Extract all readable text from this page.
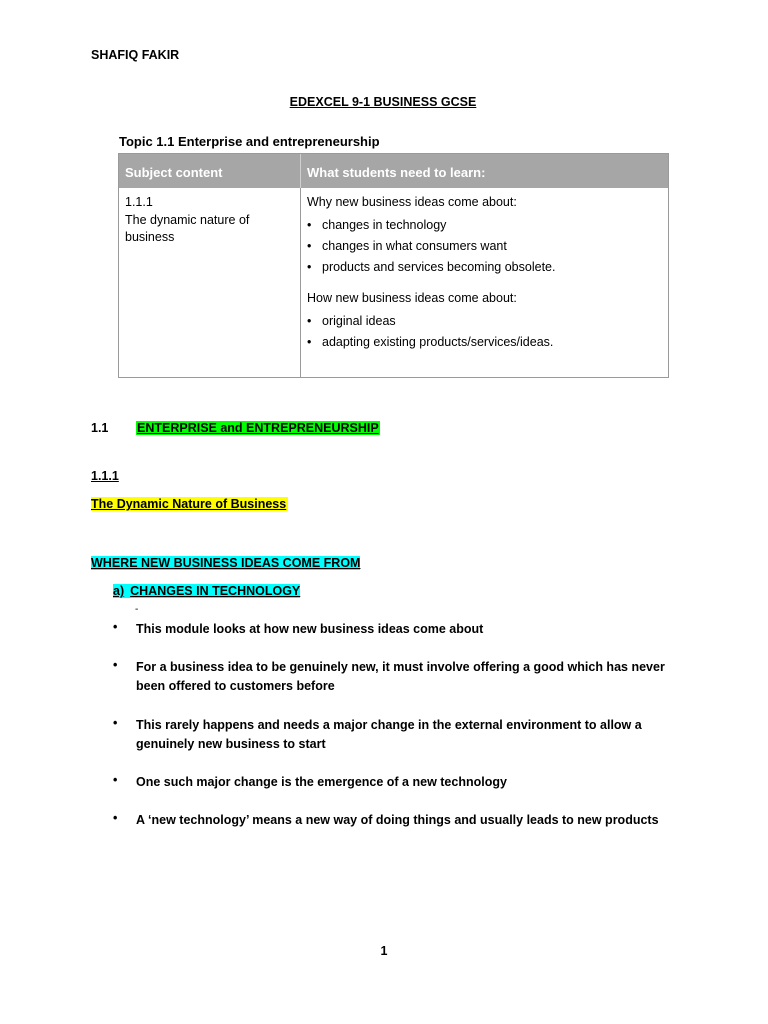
SHAFIQ FAKIR
EDEXCEL 9-1 BUSINESS GCSE
Topic 1.1 Enterprise and entrepreneurship
Subject content	What students need to learn:
1.1.1
The dynamic nature of
business
Why new business ideas come about:
• changes in technology
• changes in what consumers want
• products and services becoming obsolete.
How new business ideas come about:
• original ideas
• adapting existing products/services/ideas.
1.1 ENTERPRISE and ENTREPRENEURSHIP
1.1.1
The Dynamic Nature of Business
WHERE NEW BUSINESS IDEAS COME FROM
a) CHANGES IN TECHNOLOGY
-
• This module looks at how new business ideas come about
• For a business idea to be genuinely new, it must involve offering a good which has never been offered to customers before
• This rarely happens and needs a major change in the external environment to allow a genuinely new business to start
• One such major change is the emergence of a new technology
• A ‘new technology’ means a new way of doing things and usually leads to new products
1
